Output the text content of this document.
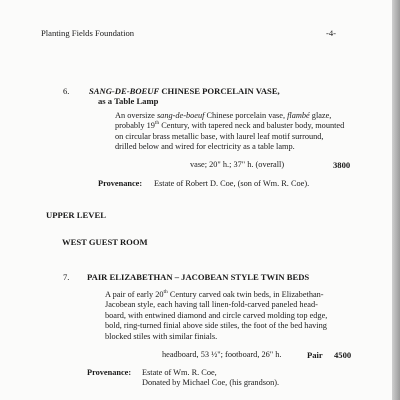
Planting Fields Foundation	-4-
6. SANG-DE-BOEUF CHINESE PORCELAIN VASE,
as a Table Lamp

An oversize sang-de-boeuf Chinese porcelain vase, flambé glaze, probably 19th Century, with tapered neck and baluster body, mounted on circular brass metallic base, with laurel leaf motif surround, drilled below and wired for electricity as a table lamp.

vase; 20" h.; 37" h. (overall)	3800
Provenance: Estate of Robert D. Coe, (son of Wm. R. Coe).
UPPER LEVEL
WEST GUEST ROOM
7. PAIR ELIZABETHAN – JACOBEAN STYLE TWIN BEDS

A pair of early 20th Century carved oak twin beds, in Elizabethan-Jacobean style, each having tall linen-fold-carved paneled head-board, with entwined diamond and circle carved molding top edge, bold, ring-turned finial above side stiles, the foot of the bed having blocked stiles with similar finials.

headboard, 53 ½"; footboard, 26" h.	Pair 4500
Provenance: Estate of Wm. R. Coe,
Donated by Michael Coe, (his grandson).
